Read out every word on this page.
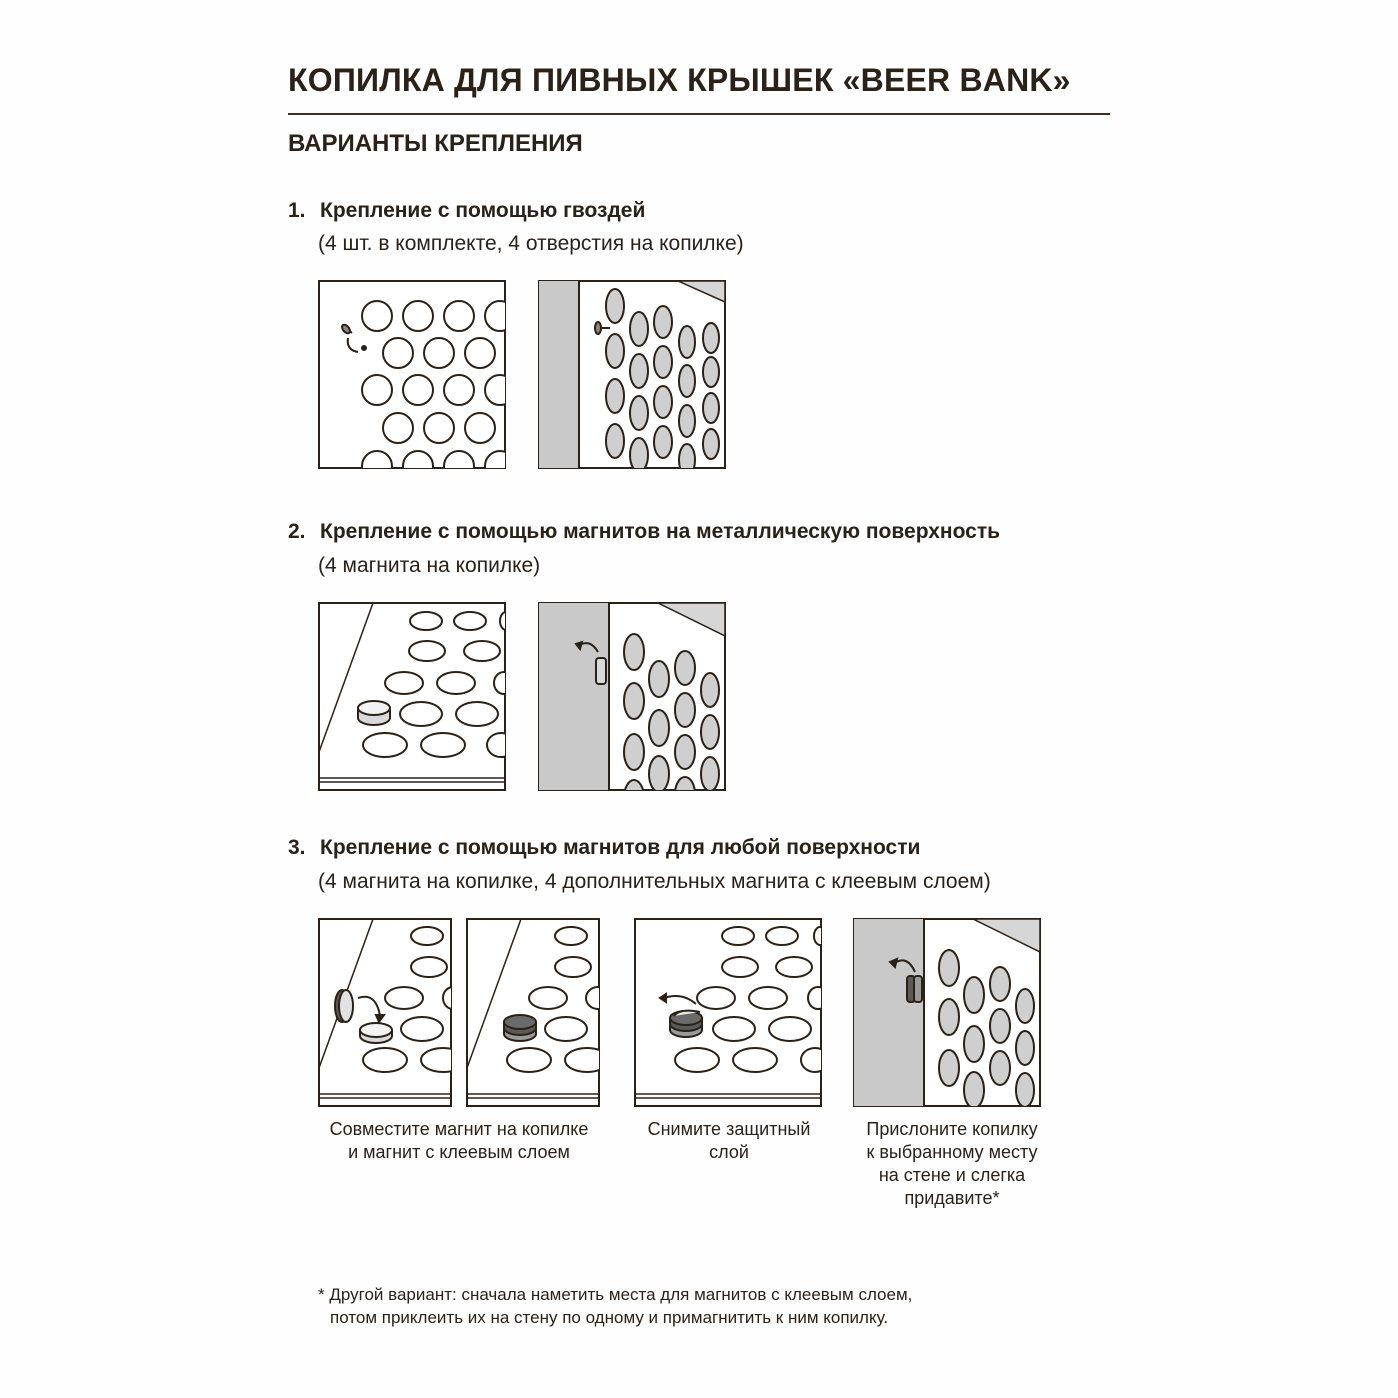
КОПИЛКА ДЛЯ ПИВНЫХ КРЫШЕК «BEER BANK»
ВАРИАНТЫ КРЕПЛЕНИЯ
1. Крепление с помощью гвоздей
(4 шт. в комплекте, 4 отверстия на копилке)
2. Крепление с помощью магнитов на металлическую поверхность
(4 магнита на копилке)
3. Крепление с помощью магнитов для любой поверхности
(4 магнита на копилке, 4 дополнительных магнита с клеевым слоем)
Совместите магнит на копилке
и магнит с клеевым слоем
Снимите защитный
слой
Прислоните копилку
к выбранному месту
на стене и слегка
придавите*
* Другой вариант: сначала наметить места для магнитов с клеевым слоем,
потом приклеить их на стену по одному и примагнитить к ним копилку.
